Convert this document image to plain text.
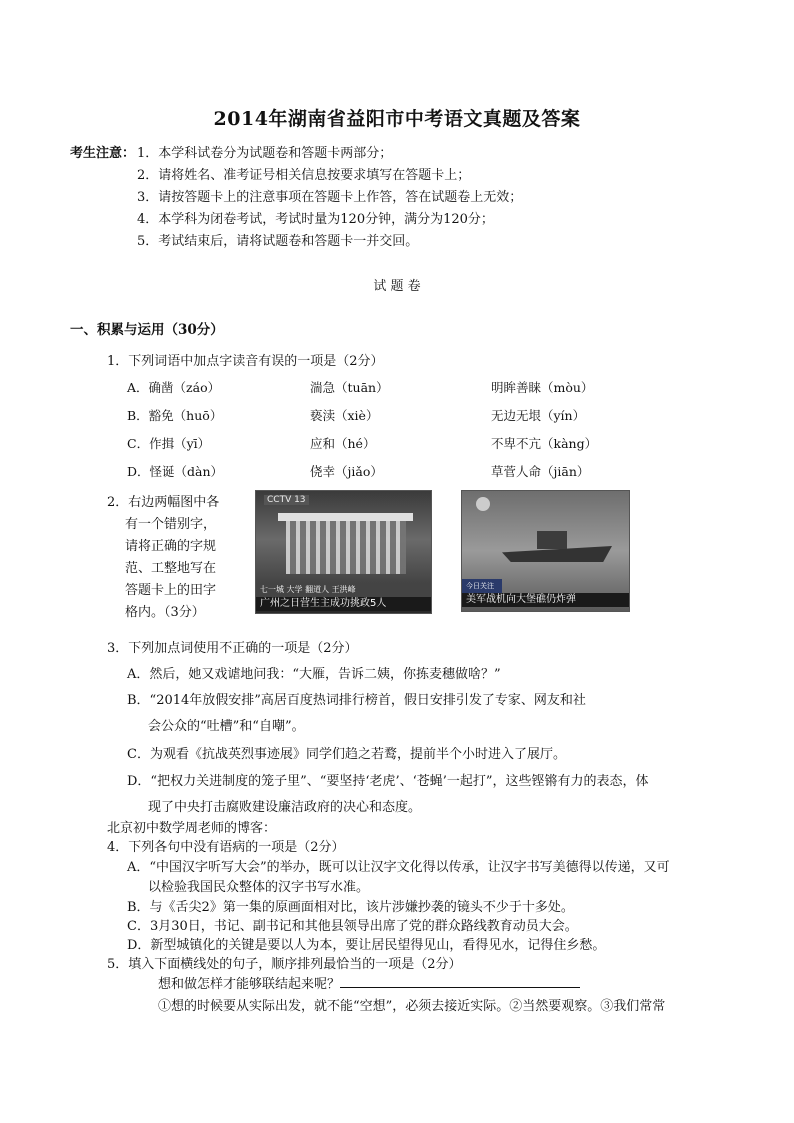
2014年湖南省益阳市中考语文真题及答案
考生注意： 1．本学科试卷分为试题卷和答题卡两部分；
2．请将姓名、准考证号相关信息按要求填写在答题卡上；
3．请按答题卡上的注意事项在答题卡上作答，答在试题卷上无效；
4．本学科为闭卷考试，考试时量为120分钟，满分为120分；
5．考试结束后，请将试题卷和答题卡一并交回。
试 题 卷
一、积累与运用（30分）
1．下列词语中加点字读音有误的一项是（2分）
A．确凿（záo）	湍急（tuān）	明眸善睐（mòu）
B．豁免（huō）	亵渎（xiè）	无边无垠（yín）
C．作揖（yī）	应和（hé）	不卑不亢（kàng）
D．怪诞（dàn）	侥幸（jiǎo）	草菅人命（jiān）
2．右边两幅图中各
有一个错别字，
请将正确的字规
范、工整地写在
答题卡上的田字
格内。（3分）
CCTV 13
七一城 大学 翻道人 王洪峰
广州之日营生主成功挑政5人
今日关注
美军战机向大堡礁仍炸弹
3．下列加点词使用不正确的一项是（2分）
A．然后，她又戏谑地问我：“大雁，告诉二姨，你拣麦穗做啥？”
B．“2014年放假安排”高居百度热词排行榜首，假日安排引发了专家、网友和社
会公众的“吐槽”和“自嘲”。
C．为观看《抗战英烈事迹展》同学们趋之若鹜，提前半个小时进入了展厅。
D．“把权力关进制度的笼子里”、“要坚持‘老虎’、‘苍蝇’一起打”，这些铿锵有力的表态，体
现了中央打击腐败建设廉洁政府的决心和态度。
北京初中数学周老师的博客：
4．下列各句中没有语病的一项是（2分）
A．“中国汉字听写大会”的举办，既可以让汉字文化得以传承，让汉字书写美德得以传递，又可
以检验我国民众整体的汉字书写水准。
B．与《舌尖2》第一集的原画面相对比，该片涉嫌抄袭的镜头不少于十多处。
C．3月30日，书记、副书记和其他县领导出席了党的群众路线教育动员大会。
D．新型城镇化的关键是要以人为本，要让居民望得见山，看得见水，记得住乡愁。
5．填入下面横线处的句子，顺序排列最恰当的一项是（2分）
想和做怎样才能够联结起来呢？
①想的时候要从实际出发，就不能“空想”，必须去接近实际。②当然要观察。③我们常常
